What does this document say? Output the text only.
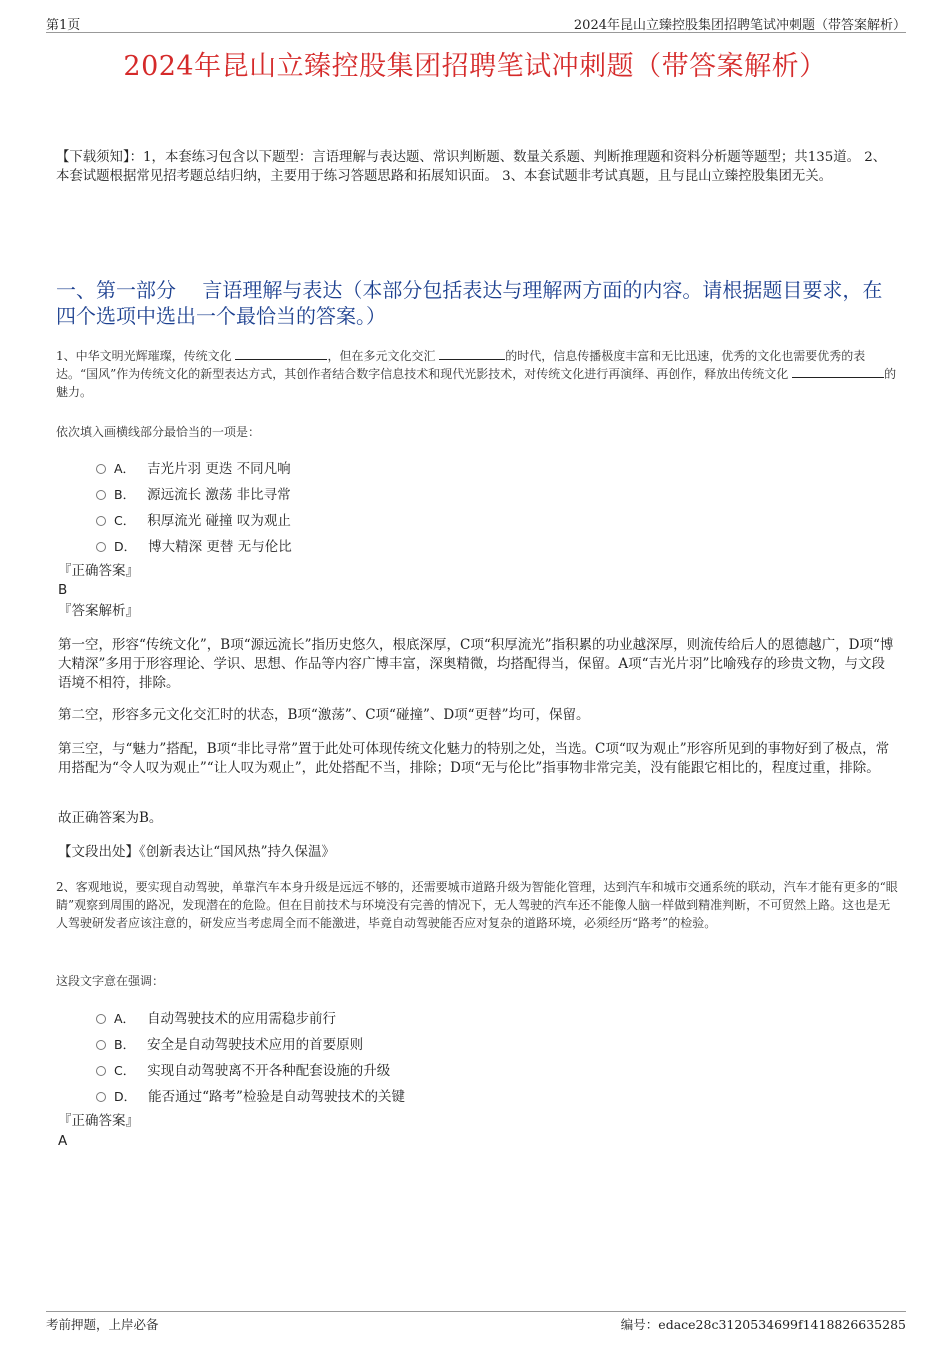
第1页	2024年昆山立臻控股集团招聘笔试冲刺题（带答案解析）
2024年昆山立臻控股集团招聘笔试冲刺题（带答案解析）
【下载须知】：1，本套练习包含以下题型：言语理解与表达题、常识判断题、数量关系题、判断推理题和资料分析题等题型；共135道。 2、本套试题根据常见招考题总结归纳，主要用于练习答题思路和拓展知识面。 3、本套试题非考试真题，且与昆山立臻控股集团无关。
一、第一部分　 言语理解与表达（本部分包括表达与理解两方面的内容。请根据题目要求，在四个选项中选出一个最恰当的答案。）
1、中华文明光辉璀璨，传统文化	，但在多元文化交汇	的时代，信息传播极度丰富和无比迅速，优秀的文化也需要优秀的表达。“国风”作为传统文化的新型表达方式，其创作者结合数字信息技术和现代光影技术，对传统文化进行再演绎、再创作，释放出传统文化	的魅力。
依次填入画横线部分最恰当的一项是：
A． 吉光片羽 更迭 不同凡响
B． 源远流长 激荡 非比寻常
C． 积厚流光 碰撞 叹为观止
D． 博大精深 更替 无与伦比
『正确答案』
B
『答案解析』
第一空，形容“传统文化”，B项“源远流长”指历史悠久，根底深厚，C项“积厚流光”指积累的功业越深厚，则流传给后人的恩德越广，D项“博大精深”多用于形容理论、学识、思想、作品等内容广博丰富，深奥精微，均搭配得当，保留。A项“吉光片羽”比喻残存的珍贵文物，与文段语境不相符，排除。
第二空，形容多元文化交汇时的状态，B项“激荡”、C项“碰撞”、D项“更替”均可，保留。
第三空，与“魅力”搭配，B项“非比寻常”置于此处可体现传统文化魅力的特别之处，当选。C项“叹为观止”形容所见到的事物好到了极点，常用搭配为“令人叹为观止”“让人叹为观止”，此处搭配不当，排除；D项“无与伦比”指事物非常完美，没有能跟它相比的，程度过重，排除。
故正确答案为B。
【文段出处】《创新表达让“国风热”持久保温》
2、客观地说，要实现自动驾驶，单靠汽车本身升级是远远不够的，还需要城市道路升级为智能化管理，达到汽车和城市交通系统的联动，汽车才能有更多的“眼睛”观察到周围的路况，发现潜在的危险。但在目前技术与环境没有完善的情况下，无人驾驶的汽车还不能像人脑一样做到精准判断，不可贸然上路。这也是无人驾驶研发者应该注意的，研发应当考虑周全而不能激进，毕竟自动驾驶能否应对复杂的道路环境，必须经历“路考”的检验。
这段文字意在强调：
A． 自动驾驶技术的应用需稳步前行
B． 安全是自动驾驶技术应用的首要原则
C． 实现自动驾驶离不开各种配套设施的升级
D． 能否通过“路考”检验是自动驾驶技术的关键
『正确答案』
A
考前押题，上岸必备	编号：edace28c3120534699f1418826635285
